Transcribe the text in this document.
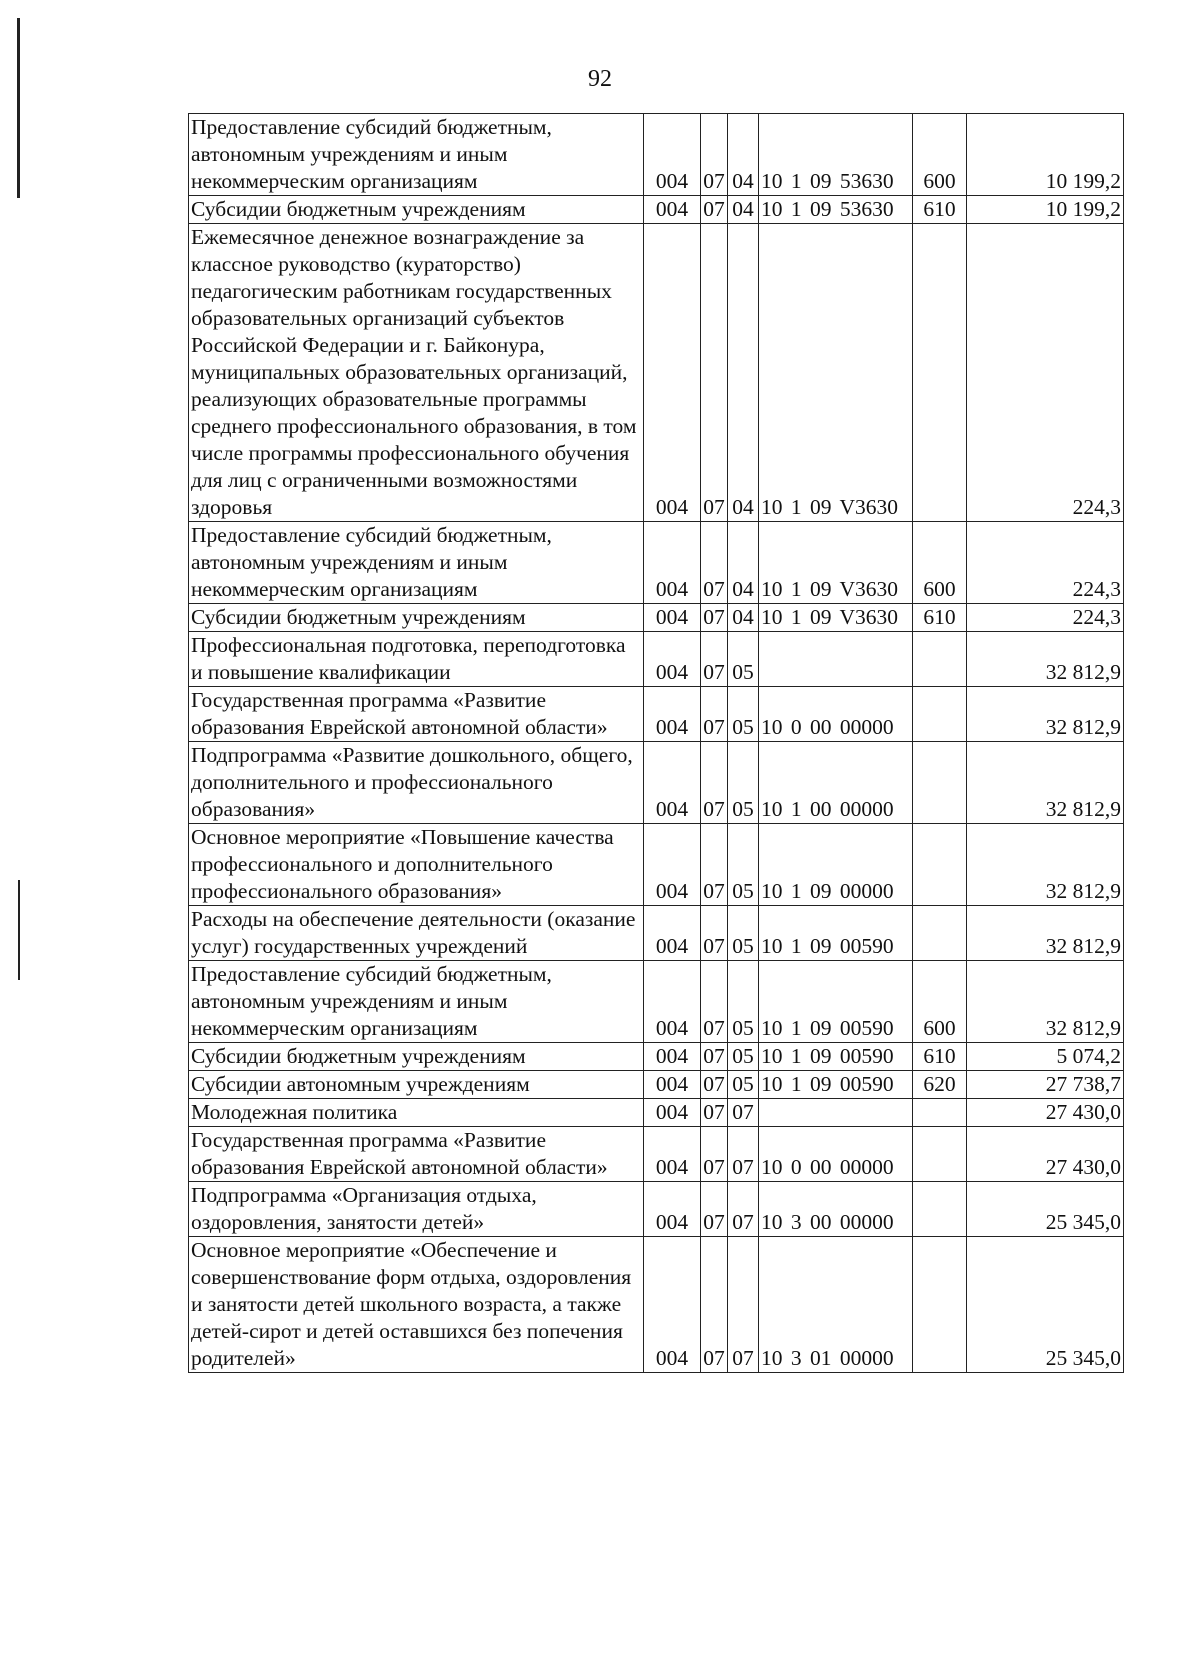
92
Предоставление субсидий бюджетным, автономным учреждениям и иным некоммерческим организациям	004	07	04	10 1 09 53630	600	10 199,2
Субсидии бюджетным учреждениям	004	07	04	10 1 09 53630	610	10 199,2
Ежемесячное денежное вознаграждение за классное руководство (кураторство) педагогическим работникам государственных образовательных организаций субъектов Российской Федерации и г. Байконура, муниципальных образовательных организаций, реализующих образовательные программы среднего профессионального образования, в том числе программы профессионального обучения для лиц с ограниченными возможностями здоровья	004	07	04	10 1 09 V3630		224,3
Предоставление субсидий бюджетным, автономным учреждениям и иным некоммерческим организациям	004	07	04	10 1 09 V3630	600	224,3
Субсидии бюджетным учреждениям	004	07	04	10 1 09 V3630	610	224,3
Профессиональная подготовка, переподготовка и повышение квалификации	004	07	05			32 812,9
Государственная программа «Развитие образования Еврейской автономной области»	004	07	05	10 0 00 00000		32 812,9
Подпрограмма «Развитие дошкольного, общего, дополнительного и профессионального образования»	004	07	05	10 1 00 00000		32 812,9
Основное мероприятие «Повышение качества профессионального и дополнительного профессионального образования»	004	07	05	10 1 09 00000		32 812,9
Расходы на обеспечение деятельности (оказание услуг) государственных учреждений	004	07	05	10 1 09 00590		32 812,9
Предоставление субсидий бюджетным, автономным учреждениям и иным некоммерческим организациям	004	07	05	10 1 09 00590	600	32 812,9
Субсидии бюджетным учреждениям	004	07	05	10 1 09 00590	610	5 074,2
Субсидии автономным учреждениям	004	07	05	10 1 09 00590	620	27 738,7
Молодежная политика	004	07	07			27 430,0
Государственная программа «Развитие образования Еврейской автономной области»	004	07	07	10 0 00 00000		27 430,0
Подпрограмма «Организация отдыха, оздоровления, занятости детей»	004	07	07	10 3 00 00000		25 345,0
Основное мероприятие «Обеспечение и совершенствование форм отдыха, оздоровления и занятости детей школьного возраста, а также детей-сирот и детей оставшихся без попечения родителей»	004	07	07	10 3 01 00000		25 345,0
